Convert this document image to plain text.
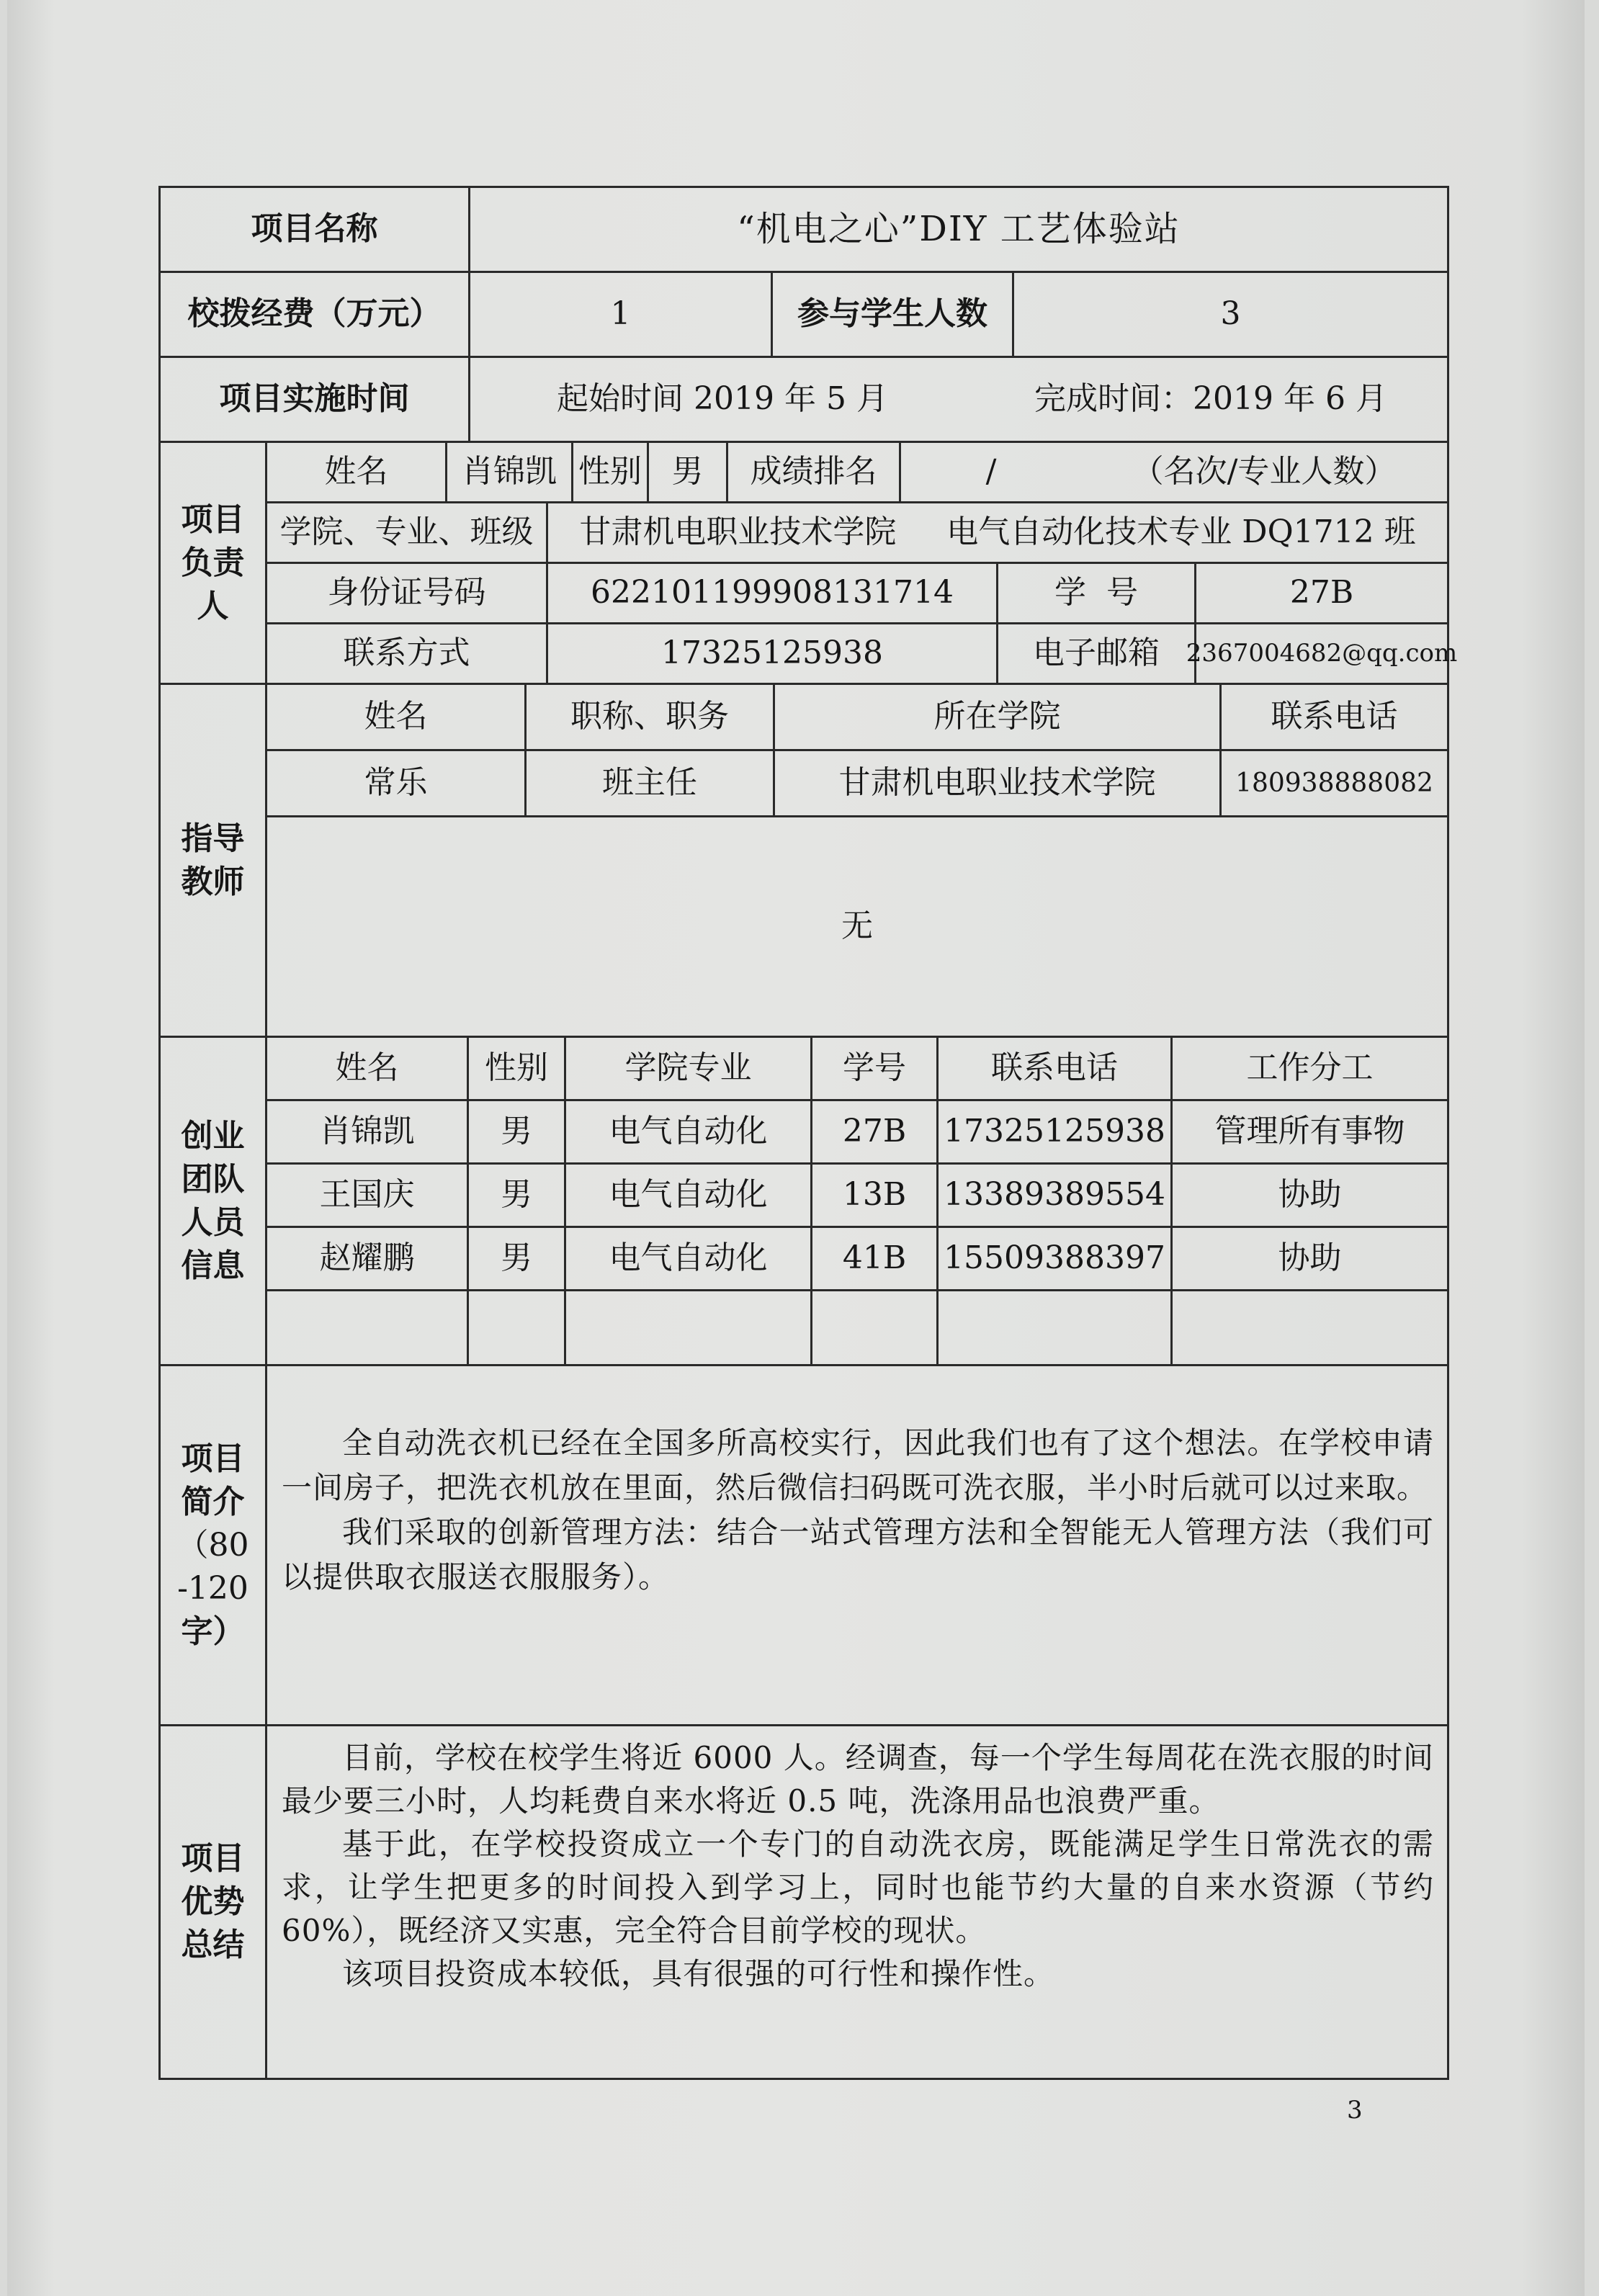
项目名称	“机电之心”DIY 工艺体验站
校拨经费（万元）	1	参与学生人数	3
项目实施时间	起始时间 2019 年 5 月	完成时间：2019 年 6 月
项目
负责
人
姓名	肖锦凯 性别 男	成绩排名	/	（名次/专业人数）
学院、专业、班级	甘肃机电职业技术学院     电气自动化技术专业 DQ1712 班
身份证号码	622101199908131714	学  号	27B
联系方式	17325125938	电子邮箱	2367004682@qq.com
指导
教师
姓名	职称、职务	所在学院	联系电话
常乐	班主任	甘肃机电职业技术学院	18093888808​2
无
创业
团队
人员
信息
姓名	性别	学院专业	学号	联系电话	工作分工
肖锦凯	男	电气自动化	27B	17325125938	管理所有事物
王国庆	男	电气自动化	13B	13389389554	协助
赵耀鹏	男	电气自动化	41B	15509388397	协助
项目
简介
（80
-120
字）

全自动洗衣机已经在全国多所高校实行，因此我们也有了这个想法。在学校申请一间房子，把洗衣机放在里面，然后微信扫码既可洗衣服，半小时后就可以过来取。

我们采取的创新管理方法：结合一站式管理方法和全智能无人管理方法（我们可以提供取衣服送衣服服务）。

项目
优势
总结

目前，学校在校学生将近 6000 人。经调查，每一个学生每周花在洗衣服的时间最少要三小时，人均耗费自来水将近 0.5 吨，洗涤用品也浪费严重。

基于此，在学校投资成立一个专门的自动洗衣房，既能满足学生日常洗衣的需求，让学生把更多的时间投入到学习上，同时也能节约大量的自来水资源（节约 60%），既经济又实惠，完全符合目前学校的现状。

该项目投资成本较低，具有很强的可行性和操作性。

3
